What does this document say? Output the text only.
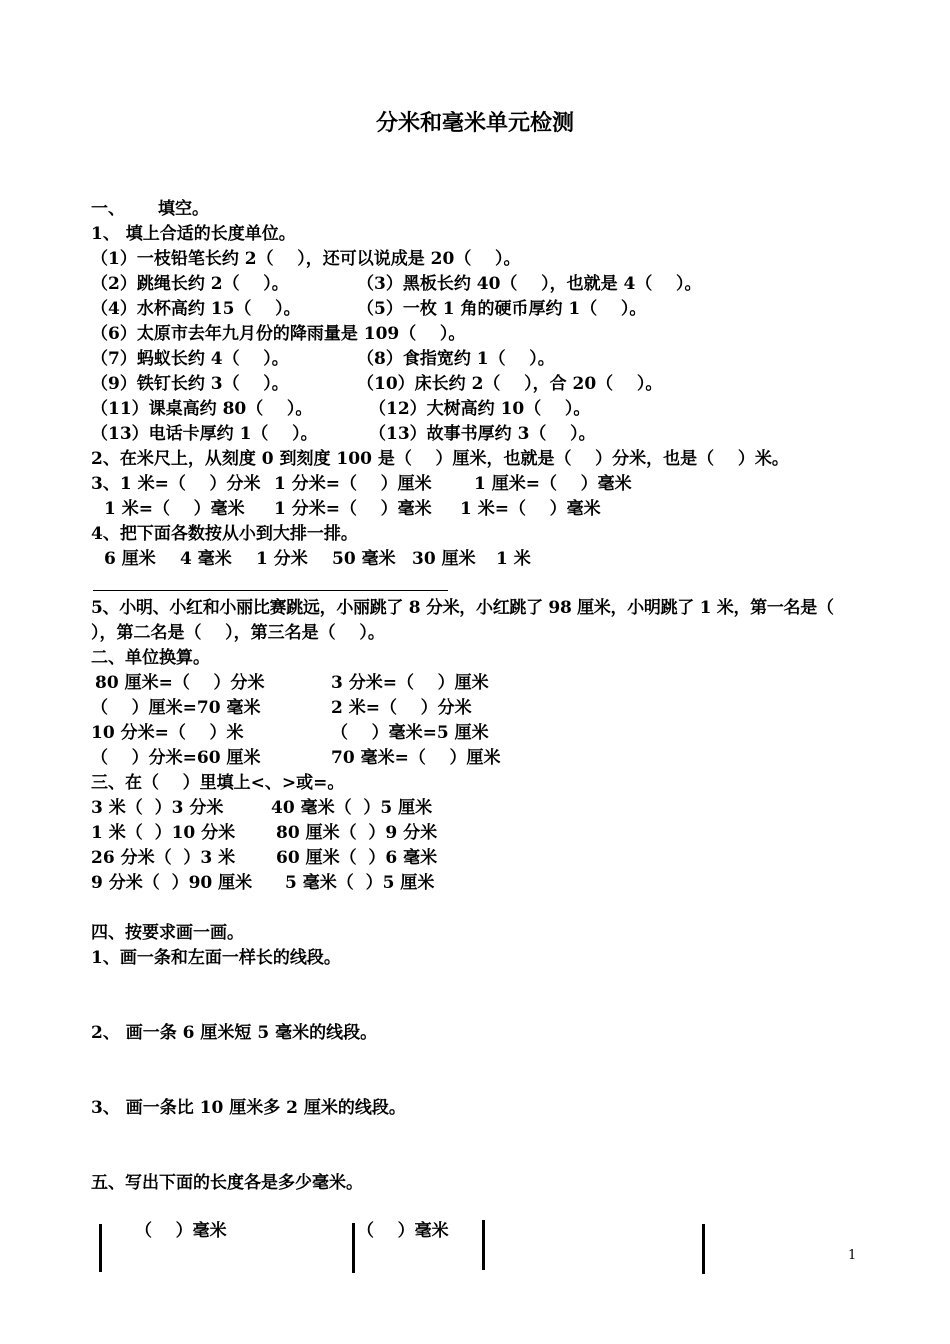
分米和毫米单元检测
一、 填空。
1、 填上合适的长度单位。
（1）一枝铅笔长约 2（    ），还可以说成是 20（    ）。
（2）跳绳长约 2（    ）。	（3）黑板长约 40（    ），也就是 4（    ）。
（4）水杯高约 15（    ）。	（5）一枚 1 角的硬币厚约 1（    ）。
（6）太原市去年九月份的降雨量是 109（    ）。
（7）蚂蚁长约 4（    ）。	（8）食指宽约 1（    ）。
（9）铁钉长约 3（    ）。	（10）床长约 2（    ），合 20（    ）。
（11）课桌高约 80（    ）。	（12）大树高约 10（    ）。
（13）电话卡厚约 1（    ）。	（13）故事书厚约 3（    ）。
2、在米尺上，从刻度 0 到刻度 100 是（    ）厘米，也就是（    ）分米，也是（    ）米。
3、1 米=（    ）分米 1 分米=（    ）厘米 1 厘米=（    ）毫米
1 米=（    ）毫米 1 分米=（    ）毫米 1 米=（    ）毫米
4、把下面各数按从小到大排一排。
6 厘米 4 毫米 1 分米 50 毫米 30 厘米 1 米
5、小明、小红和小丽比赛跳远，小丽跳了 8 分米，小红跳了 98 厘米，小明跳了 1 米，第一名是（
），第二名是（    ），第三名是（    ）。
二、单位换算。
80 厘米=（    ）分米	3 分米=（    ）厘米
（    ）厘米=70 毫米	2 米=（    ）分米
10 分米=（    ）米	（    ）毫米=5 厘米
（    ）分米=60 厘米	70 毫米=（    ）厘米
三、在（    ）里填上<、>或=。
3 米（  ）3 分米	40 毫米（  ）5 厘米
1 米（  ）10 分米 80 厘米（  ）9 分米
26 分米（  ）3 米 60 厘米（  ）6 毫米
9 分米（  ）90 厘米 5 毫米（  ）5 厘米
四、按要求画一画。
1、画一条和左面一样长的线段。
2、 画一条 6 厘米短 5 毫米的线段。
3、 画一条比 10 厘米多 2 厘米的线段。
五、写出下面的长度各是多少毫米。
（    ）毫米	（    ）毫米
1
